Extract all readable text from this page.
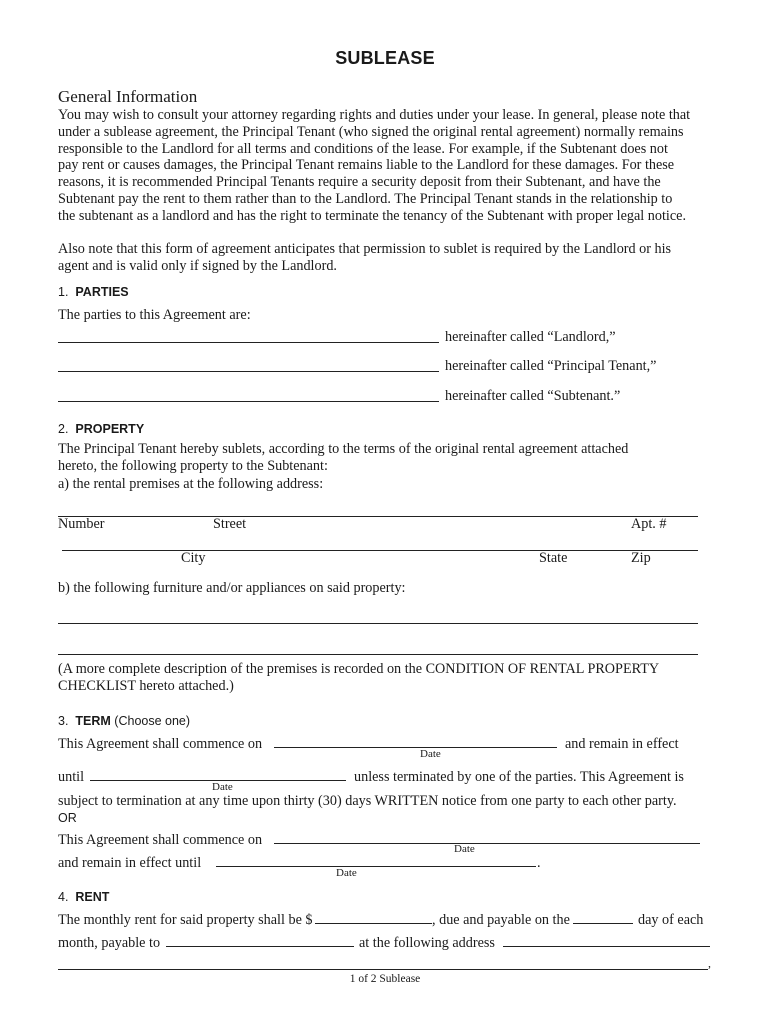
SUBLEASE
General Information
You may wish to consult your attorney regarding rights and duties under your lease. In general, please note that
under a sublease agreement, the Principal Tenant (who signed the original rental agreement) normally remains
responsible to the Landlord for all terms and conditions of the lease. For example, if the Subtenant does not
pay rent or causes damages, the Principal Tenant remains liable to the Landlord for these damages. For these
reasons, it is recommended Principal Tenants require a security deposit from their Subtenant, and have the
Subtenant pay the rent to them rather than to the Landlord. The Principal Tenant stands in the relationship to
the subtenant as a landlord and has the right to terminate the tenancy of the Subtenant with proper legal notice.
Also note that this form of agreement anticipates that permission to sublet is required by the Landlord or his
agent and is valid only if signed by the Landlord.
1. PARTIES
The parties to this Agreement are:
hereinafter called “Landlord,”
hereinafter called “Principal Tenant,”
hereinafter called “Subtenant.”
2. PROPERTY
The Principal Tenant hereby sublets, according to the terms of the original rental agreement attached
hereto, the following property to the Subtenant:
a) the rental premises at the following address:
Number	Street	Apt. #
City	State	Zip
b) the following furniture and/or appliances on said property:
(A more complete description of the premises is recorded on the CONDITION OF RENTAL PROPERTY
CHECKLIST hereto attached.)
3. TERM (Choose one)
This Agreement shall commence on
Date
and remain in effect
until
Date
unless terminated by one of the parties. This Agreement is
subject to termination at any time upon thirty (30) days WRITTEN notice from one party to each other party.
OR
This Agreement shall commence on
Date
and remain in effect until	.
Date
4. RENT
The monthly rent for said property shall be $	, due and payable on the	day of each
month, payable to	at the following address
,
1 of 2 Sublease
